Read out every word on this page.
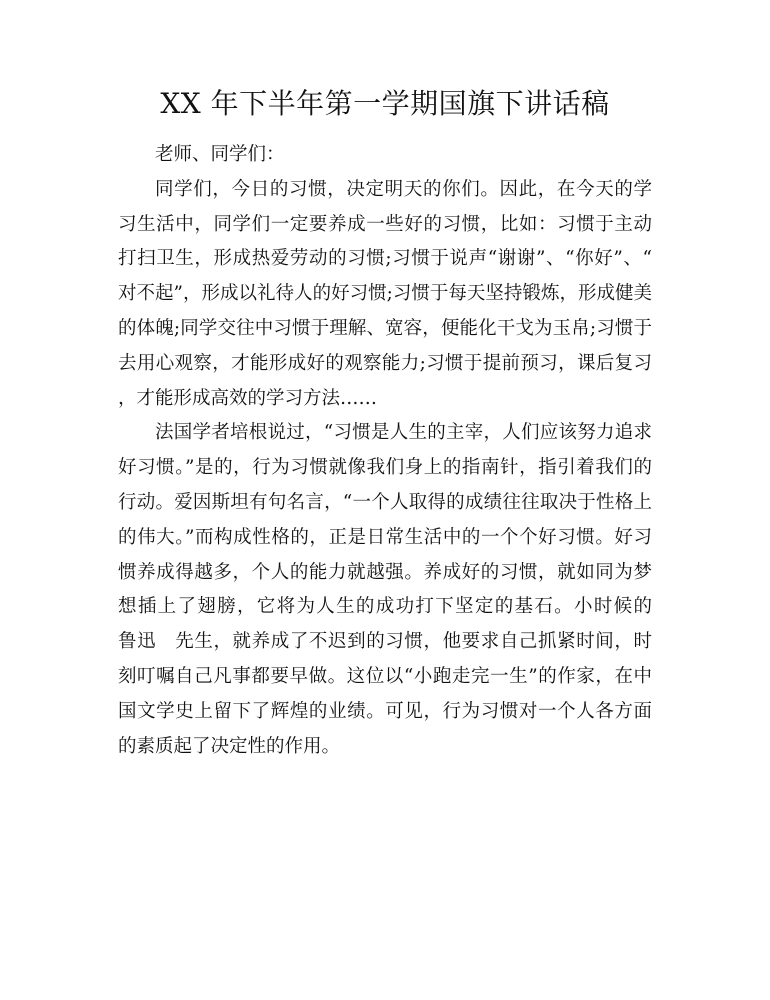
XX 年下半年第一学期国旗下讲话稿
老师、同学们：

同学们，今日的习惯，决定明天的你们。因此，在今天的学习生活中，同学们一定要养成一些好的习惯，比如：习惯于主动打扫卫生，形成热爱劳动的习惯;习惯于说声“谢谢”、“你好”、“对不起”，形成以礼待人的好习惯;习惯于每天坚持锻炼，形成健美的体魄;同学交往中习惯于理解、宽容，便能化干戈为玉帛;习惯于去用心观察，才能形成好的观察能力;习惯于提前预习，课后复习，才能形成高效的学习方法……

法国学者培根说过，“习惯是人生的主宰，人们应该努力追求好习惯。”是的，行为习惯就像我们身上的指南针，指引着我们的行动。爱因斯坦有句名言，“一个人取得的成绩往往取决于性格上的伟大。”而构成性格的，正是日常生活中的一个个好习惯。好习惯养成得越多，个人的能力就越强。养成好的习惯，就如同为梦想插上了翅膀，它将为人生的成功打下坚定的基石。小时候的　鲁迅　先生，就养成了不迟到的习惯，他要求自己抓紧时间，时刻叮嘱自己凡事都要早做。这位以“小跑走完一生”的作家，在中国文学史上留下了辉煌的业绩。可见，行为习惯对一个人各方面的素质起了决定性的作用。
